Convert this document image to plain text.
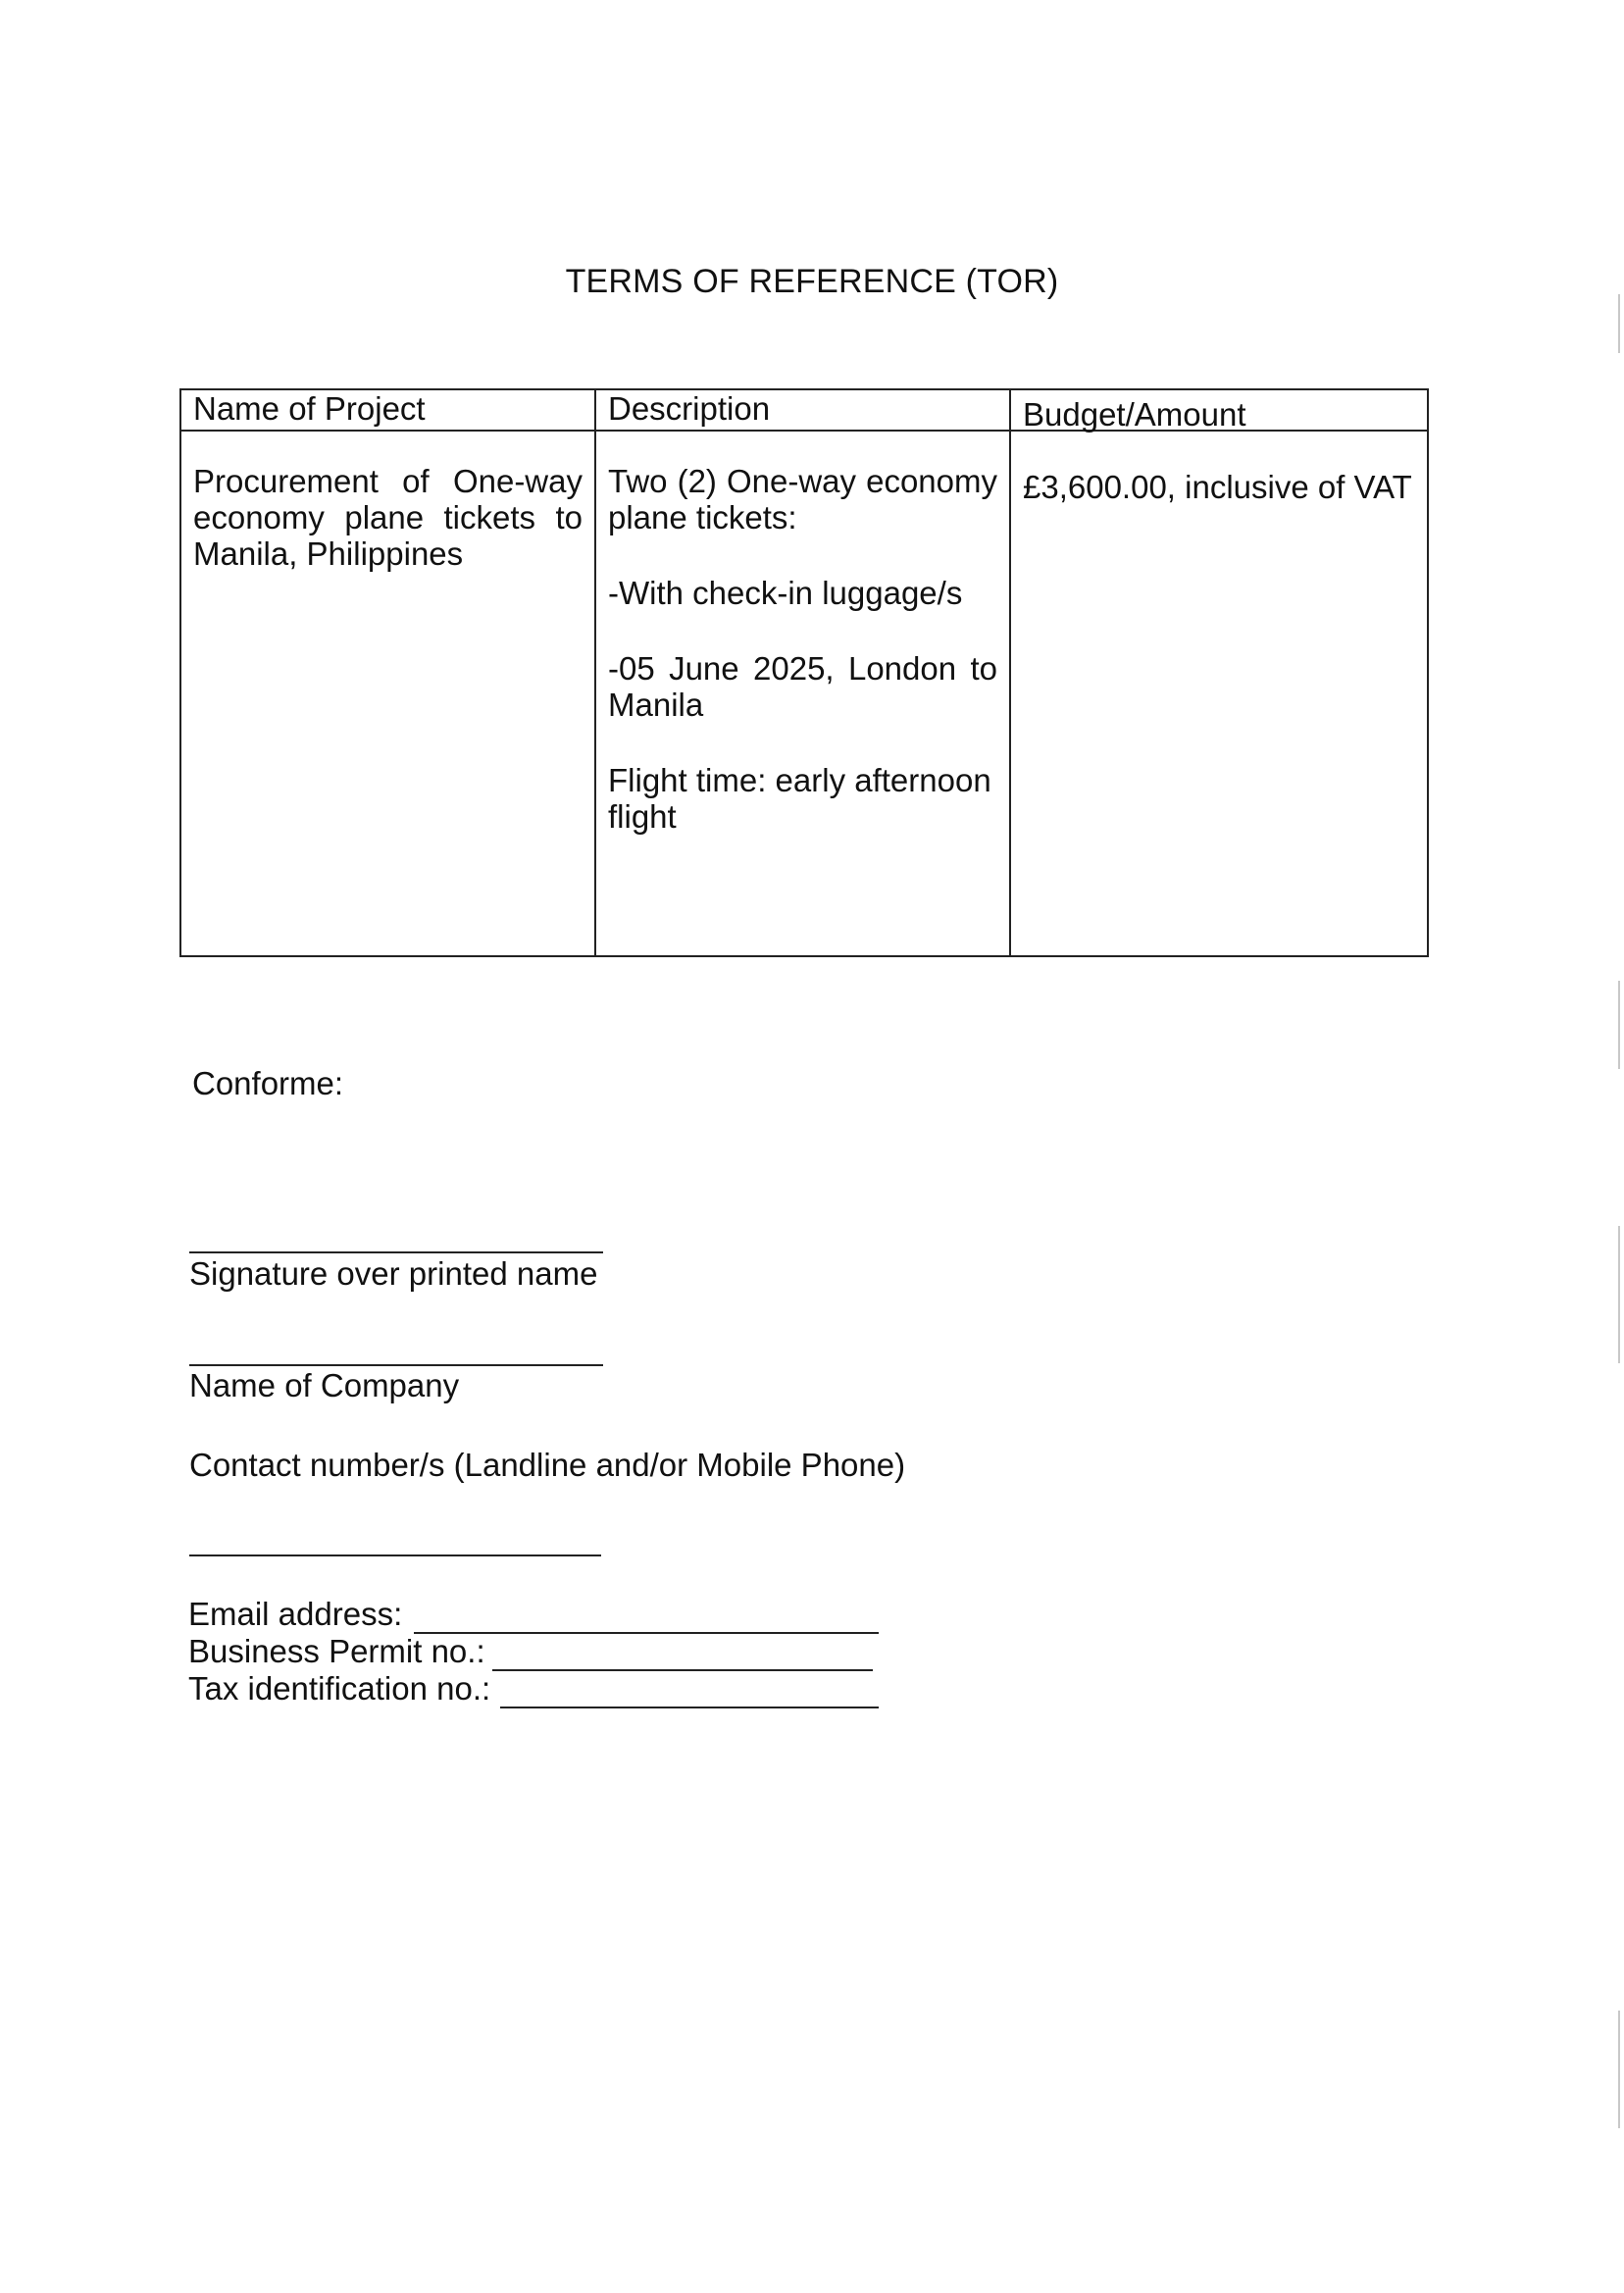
TERMS OF REFERENCE (TOR)
Name of Project	Description	Budget/Amount

Procurement of One-way economy plane tickets to Manila, Philippines

Two (2) One-way economy plane tickets:

-With check-in luggage/s

-05 June 2025, London to Manila

Flight time: early afternoon flight

£3,600.00, inclusive of VAT

Conforme:
Signature over printed name
Name of Company
Contact number/s (Landline and/or Mobile Phone)
Email address:
Business Permit no.:
Tax identification no.:
